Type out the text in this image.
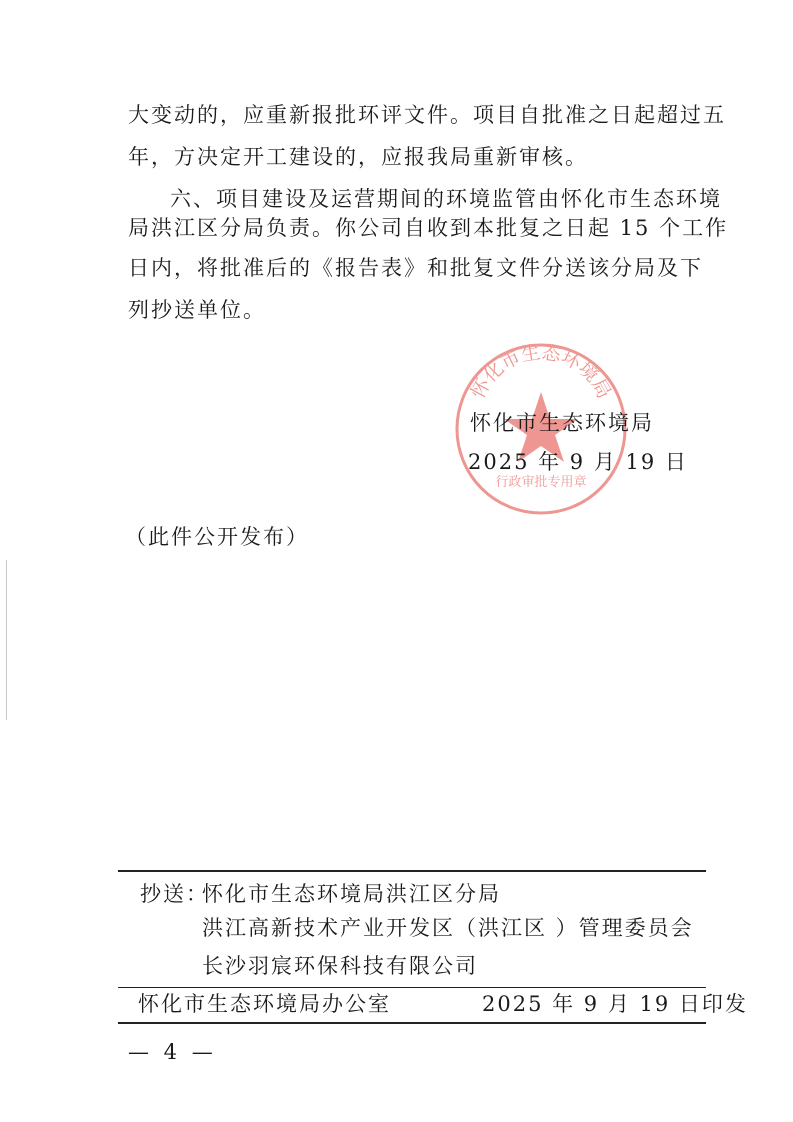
大变动的，应重新报批环评文件。项目自批准之日起超过五
年，方决定开工建设的，应报我局重新审核。
六、项目建设及运营期间的环境监管由怀化市生态环境
局洪江区分局负责。你公司自收到本批复之日起 15 个工作
日内，将批准后的《报告表》和批复文件分送该分局及下
列抄送单位。
怀化市生态环境局
行政审批专用章
怀化市生态环境局
2025 年 9 月 19 日
（此件公开发布）
抄送：
怀化市生态环境局洪江区分局
洪江高新技术产业开发区（洪江区 ）管理委员会
长沙羽宸环保科技有限公司
怀化市生态环境局办公室	2025 年 9 月 19 日印发
— 4 —
